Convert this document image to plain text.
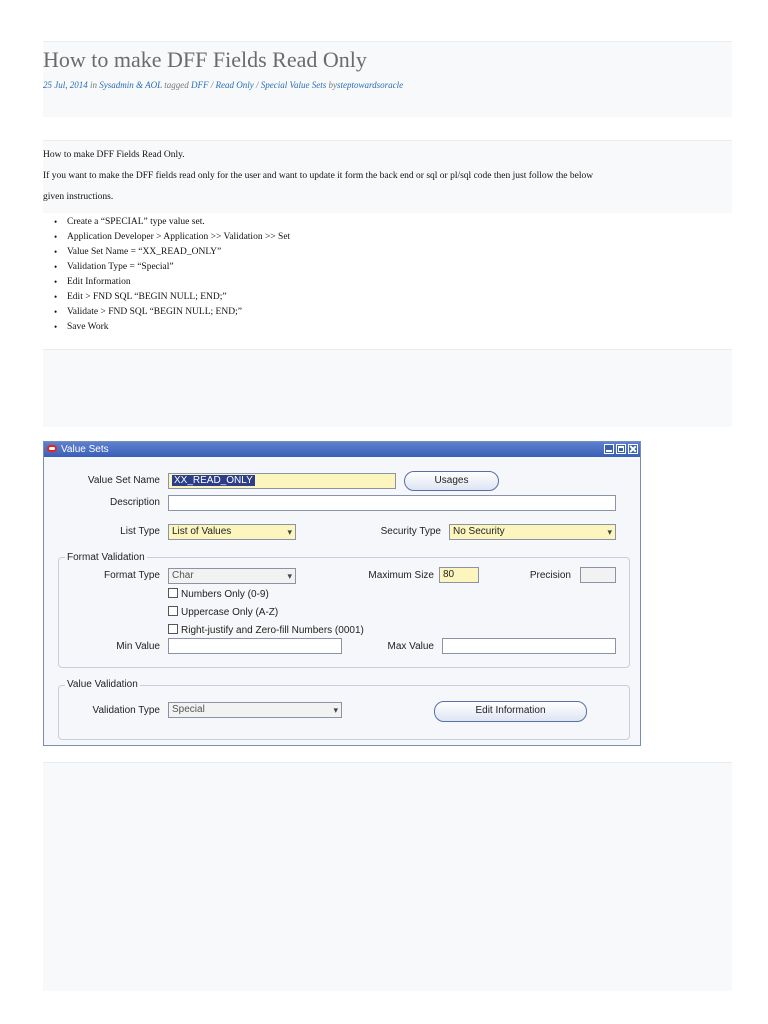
How to make DFF Fields Read Only
25 Jul, 2014 in Sysadmin & AOL tagged DFF / Read Only / Special Value Sets bysteptowardsoracle

How to make DFF Fields Read Only.

If you want to make the DFF fields read only for the user and want to update it form the back end or sql or pl/sql code then just follow the below

given instructions.

• Create a “SPECIAL” type value set.
• Application Developer > Application >> Validation >> Set
• Value Set Name = “XX_READ_ONLY”
• Validation Type = “Special”
• Edit Information
• Edit > FND SQL “BEGIN NULL; END;”
• Validate > FND SQL “BEGIN NULL; END;”
• Save Work
Value Sets
Value Set Name	XX_READ_ONLY	Usages
Description
List Type	List of Values ▾	Security Type	No Security ▾
Format Validation
Format Type	Char ▾	Maximum Size 80	Precision
Numbers Only (0-9)
Uppercase Only (A-Z)
Right-justify and Zero-fill Numbers (0001)
Min Value	Max Value
Value Validation
Validation Type	Special ▾	Edit Information
